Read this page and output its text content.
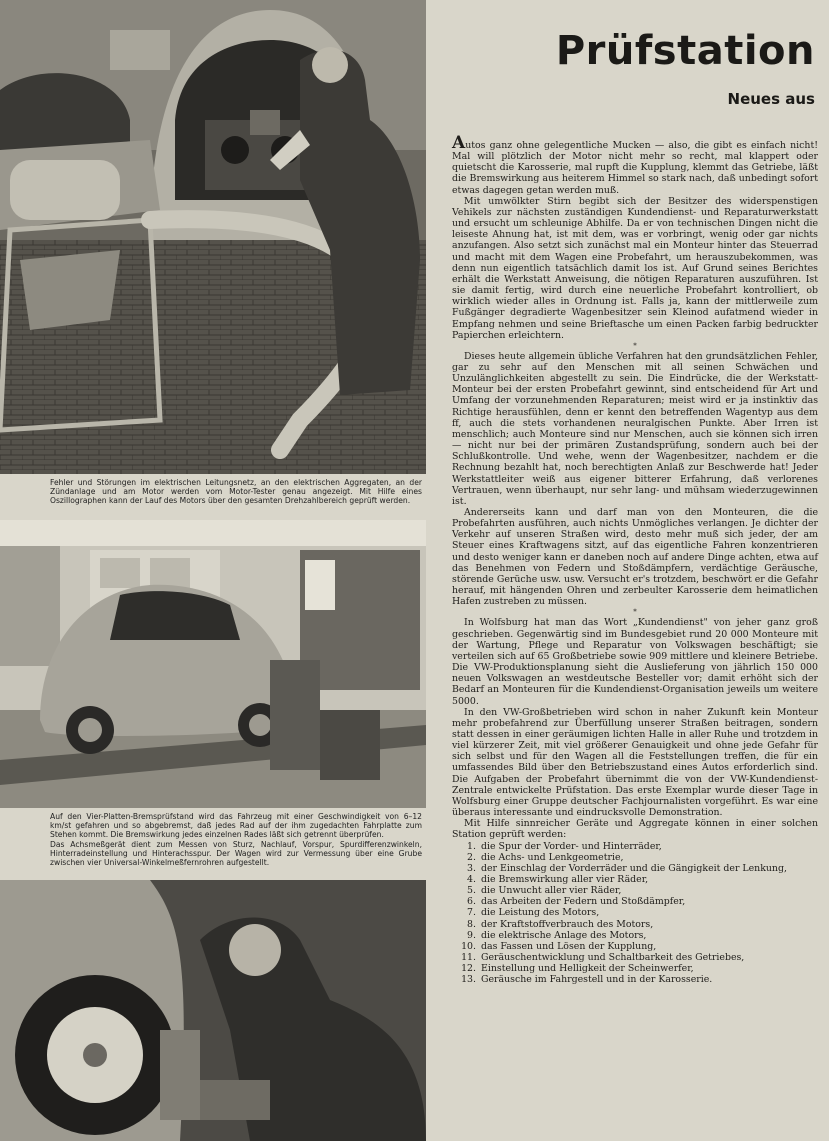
Fehler und Störungen im elektrischen Leitungsnetz, an den elektrischen Aggregaten, an der Zündanlage und am Motor werden vom Motor-Tester genau angezeigt. Mit Hilfe eines Oszillographen kann der Lauf des Motors über den gesamten Drehzahlbereich geprüft werden.

Auf den Vier-Platten-Bremsprüfstand wird das Fahrzeug mit einer Geschwindigkeit von 6–12 km/st gefahren und so abgebremst, daß jedes Rad auf der ihm zugedachten Fahrplatte zum Stehen kommt. Die Bremswirkung jedes einzelnen Rades läßt sich getrennt überprüfen.

Das Achsmeßgerät dient zum Messen von Sturz, Nachlauf, Vorspur, Spurdifferenzwinkeln, Hinterradeinstellung und Hinterachsspur. Der Wagen wird zur Vermessung über eine Grube zwischen vier Universal-Winkelmeßfernrohren aufgestellt.

Prüfstation
Neues aus

Autos ganz ohne gelegentliche Mucken — also, die gibt es einfach nicht! Mal will plötzlich der Motor nicht mehr so recht, mal klappert oder quietscht die Karosserie, mal rupft die Kupplung, klemmt das Getriebe, läßt die Bremswirkung aus heiterem Himmel so stark nach, daß unbedingt sofort etwas dagegen getan werden muß.

Mit umwölkter Stirn begibt sich der Besitzer des widerspenstigen Vehikels zur nächsten zuständigen Kundendienst- und Reparaturwerkstatt und ersucht um schleunige Abhilfe. Da er von technischen Dingen nicht die leiseste Ahnung hat, ist mit dem, was er vorbringt, wenig oder gar nichts anzufangen. Also setzt sich zunächst mal ein Monteur hinter das Steuerrad und macht mit dem Wagen eine Probefahrt, um herauszubekommen, was denn nun eigentlich tatsächlich damit los ist. Auf Grund seines Berichtes erhält die Werkstatt Anweisung, die nötigen Reparaturen auszuführen. Ist sie damit fertig, wird durch eine neuerliche Probefahrt kontrolliert, ob wirklich wieder alles in Ordnung ist. Falls ja, kann der mittlerweile zum Fußgänger degradierte Wagenbesitzer sein Kleinod aufatmend wieder in Empfang nehmen und seine Brieftasche um einen Packen farbig bedruckter Papierchen erleichtern.

*

Dieses heute allgemein übliche Verfahren hat den grundsätzlichen Fehler, gar zu sehr auf den Menschen mit all seinen Schwächen und Unzulänglichkeiten abgestellt zu sein. Die Eindrücke, die der Werkstatt-Monteur bei der ersten Probefahrt gewinnt, sind entscheidend für Art und Umfang der vorzunehmenden Reparaturen; meist wird er ja instinktiv das Richtige herausfühlen, denn er kennt den betreffenden Wagentyp aus dem ff, auch die stets vorhandenen neuralgischen Punkte. Aber Irren ist menschlich; auch Monteure sind nur Menschen, auch sie können sich irren — nicht nur bei der primären Zustandsprüfung, sondern auch bei der Schlußkontrolle. Und wehe, wenn der Wagenbesitzer, nachdem er die Rechnung bezahlt hat, noch berechtigten Anlaß zur Beschwerde hat! Jeder Werkstattleiter weiß aus eigener bitterer Erfahrung, daß verlorenes Vertrauen, wenn überhaupt, nur sehr lang- und mühsam wiederzugewinnen ist.

Andererseits kann und darf man von den Monteuren, die die Probefahrten ausführen, auch nichts Unmögliches verlangen. Je dichter der Verkehr auf unseren Straßen wird, desto mehr muß sich jeder, der am Steuer eines Kraftwagens sitzt, auf das eigentliche Fahren konzentrieren und desto weniger kann er daneben noch auf andere Dinge achten, etwa auf das Benehmen von Federn und Stoßdämpfern, verdächtige Geräusche, störende Gerüche usw. usw. Versucht er's trotzdem, beschwört er die Gefahr herauf, mit hängenden Ohren und zerbeulter Karosserie dem heimatlichen Hafen zustreben zu müssen.

*

In Wolfsburg hat man das Wort „Kundendienst" von jeher ganz groß geschrieben. Gegenwärtig sind im Bundesgebiet rund 20 000 Monteure mit der Wartung, Pflege und Reparatur von Volkswagen beschäftigt; sie verteilen sich auf 65 Großbetriebe sowie 909 mittlere und kleinere Betriebe. Die VW-Produktionsplanung sieht die Auslieferung von jährlich 150 000 neuen Volkswagen an westdeutsche Besteller vor; damit erhöht sich der Bedarf an Monteuren für die Kundendienst-Organisation jeweils um weitere 5000.

In den VW-Großbetrieben wird schon in naher Zukunft kein Monteur mehr probefahrend zur Überfüllung unserer Straßen beitragen, sondern statt dessen in einer geräumigen lichten Halle in aller Ruhe und trotzdem in viel kürzerer Zeit, mit viel größerer Genauigkeit und ohne jede Gefahr für sich selbst und für den Wagen all die Feststellungen treffen, die für ein umfassendes Bild über den Betriebszustand eines Autos erforderlich sind. Die Aufgaben der Probefahrt übernimmt die von der VW-Kundendienst-Zentrale entwickelte Prüfstation. Das erste Exemplar wurde dieser Tage in Wolfsburg einer Gruppe deutscher Fachjournalisten vorgeführt. Es war eine überaus interessante und eindrucksvolle Demonstration.

Mit Hilfe sinnreicher Geräte und Aggregate können in einer solchen Station geprüft werden:

1. die Spur der Vorder- und Hinterräder,
2. die Achs- und Lenkgeometrie,
3. der Einschlag der Vorderräder und die Gängigkeit der Lenkung,
4. die Bremswirkung aller vier Räder,
5. die Unwucht aller vier Räder,
6. das Arbeiten der Federn und Stoßdämpfer,
7. die Leistung des Motors,
8. der Kraftstoffverbrauch des Motors,
9. die elektrische Anlage des Motors,
10. das Fassen und Lösen der Kupplung,
11. Geräuschentwicklung und Schaltbarkeit des Getriebes,
12. Einstellung und Helligkeit der Scheinwerfer,
13. Geräusche im Fahrgestell und in der Karosserie.
